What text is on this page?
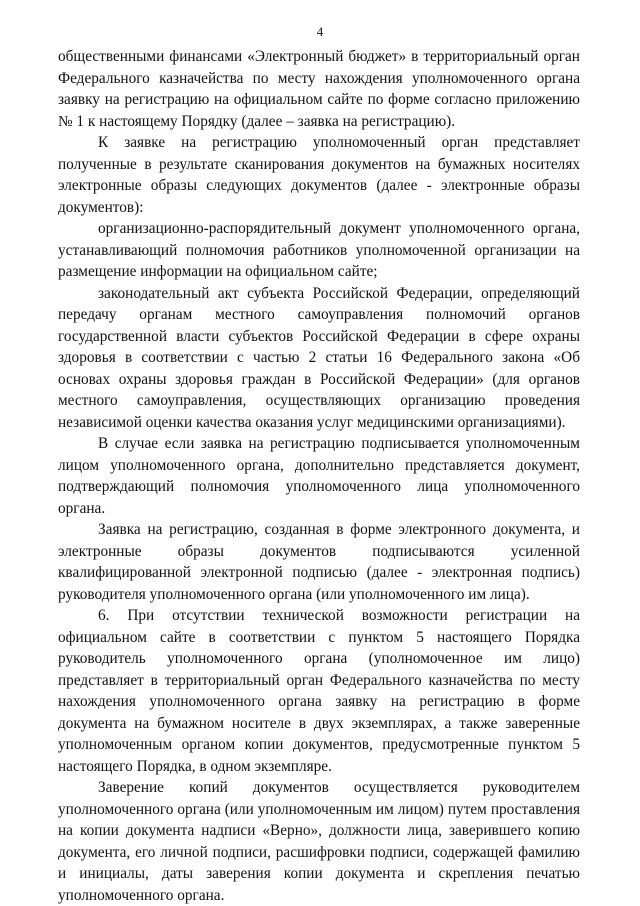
4

общественными финансами «Электронный бюджет» в территориальный орган Федерального казначейства по месту нахождения уполномоченного органа заявку на регистрацию на официальном сайте по форме согласно приложению № 1 к настоящему Порядку (далее – заявка на регистрацию).

К заявке на регистрацию уполномоченный орган представляет полученные в результате сканирования документов на бумажных носителях электронные образы следующих документов (далее - электронные образы документов):

организационно-распорядительный документ уполномоченного органа, устанавливающий полномочия работников уполномоченной организации на размещение информации на официальном сайте;

законодательный акт субъекта Российской Федерации, определяющий передачу органам местного самоуправления полномочий органов государственной власти субъектов Российской Федерации в сфере охраны здоровья в соответствии с частью 2 статьи 16 Федерального закона «Об основах охраны здоровья граждан в Российской Федерации» (для органов местного самоуправления, осуществляющих организацию проведения независимой оценки качества оказания услуг медицинскими организациями).

В случае если заявка на регистрацию подписывается уполномоченным лицом уполномоченного органа, дополнительно представляется документ, подтверждающий полномочия уполномоченного лица уполномоченного органа.

Заявка на регистрацию, созданная в форме электронного документа, и электронные образы документов подписываются усиленной квалифицированной электронной подписью (далее - электронная подпись) руководителя уполномоченного органа (или уполномоченного им лица).

6. При отсутствии технической возможности регистрации на официальном сайте в соответствии с пунктом 5 настоящего Порядка руководитель уполномоченного органа (уполномоченное им лицо) представляет в территориальный орган Федерального казначейства по месту нахождения уполномоченного органа заявку на регистрацию в форме документа на бумажном носителе в двух экземплярах, а также заверенные уполномоченным органом копии документов, предусмотренные пунктом 5 настоящего Порядка, в одном экземпляре.

Заверение копий документов осуществляется руководителем уполномоченного органа (или уполномоченным им лицом) путем проставления на копии документа надписи «Верно», должности лица, заверившего копию документа, его личной подписи, расшифровки подписи, содержащей фамилию и инициалы, даты заверения копии документа и скрепления печатью уполномоченного органа.
